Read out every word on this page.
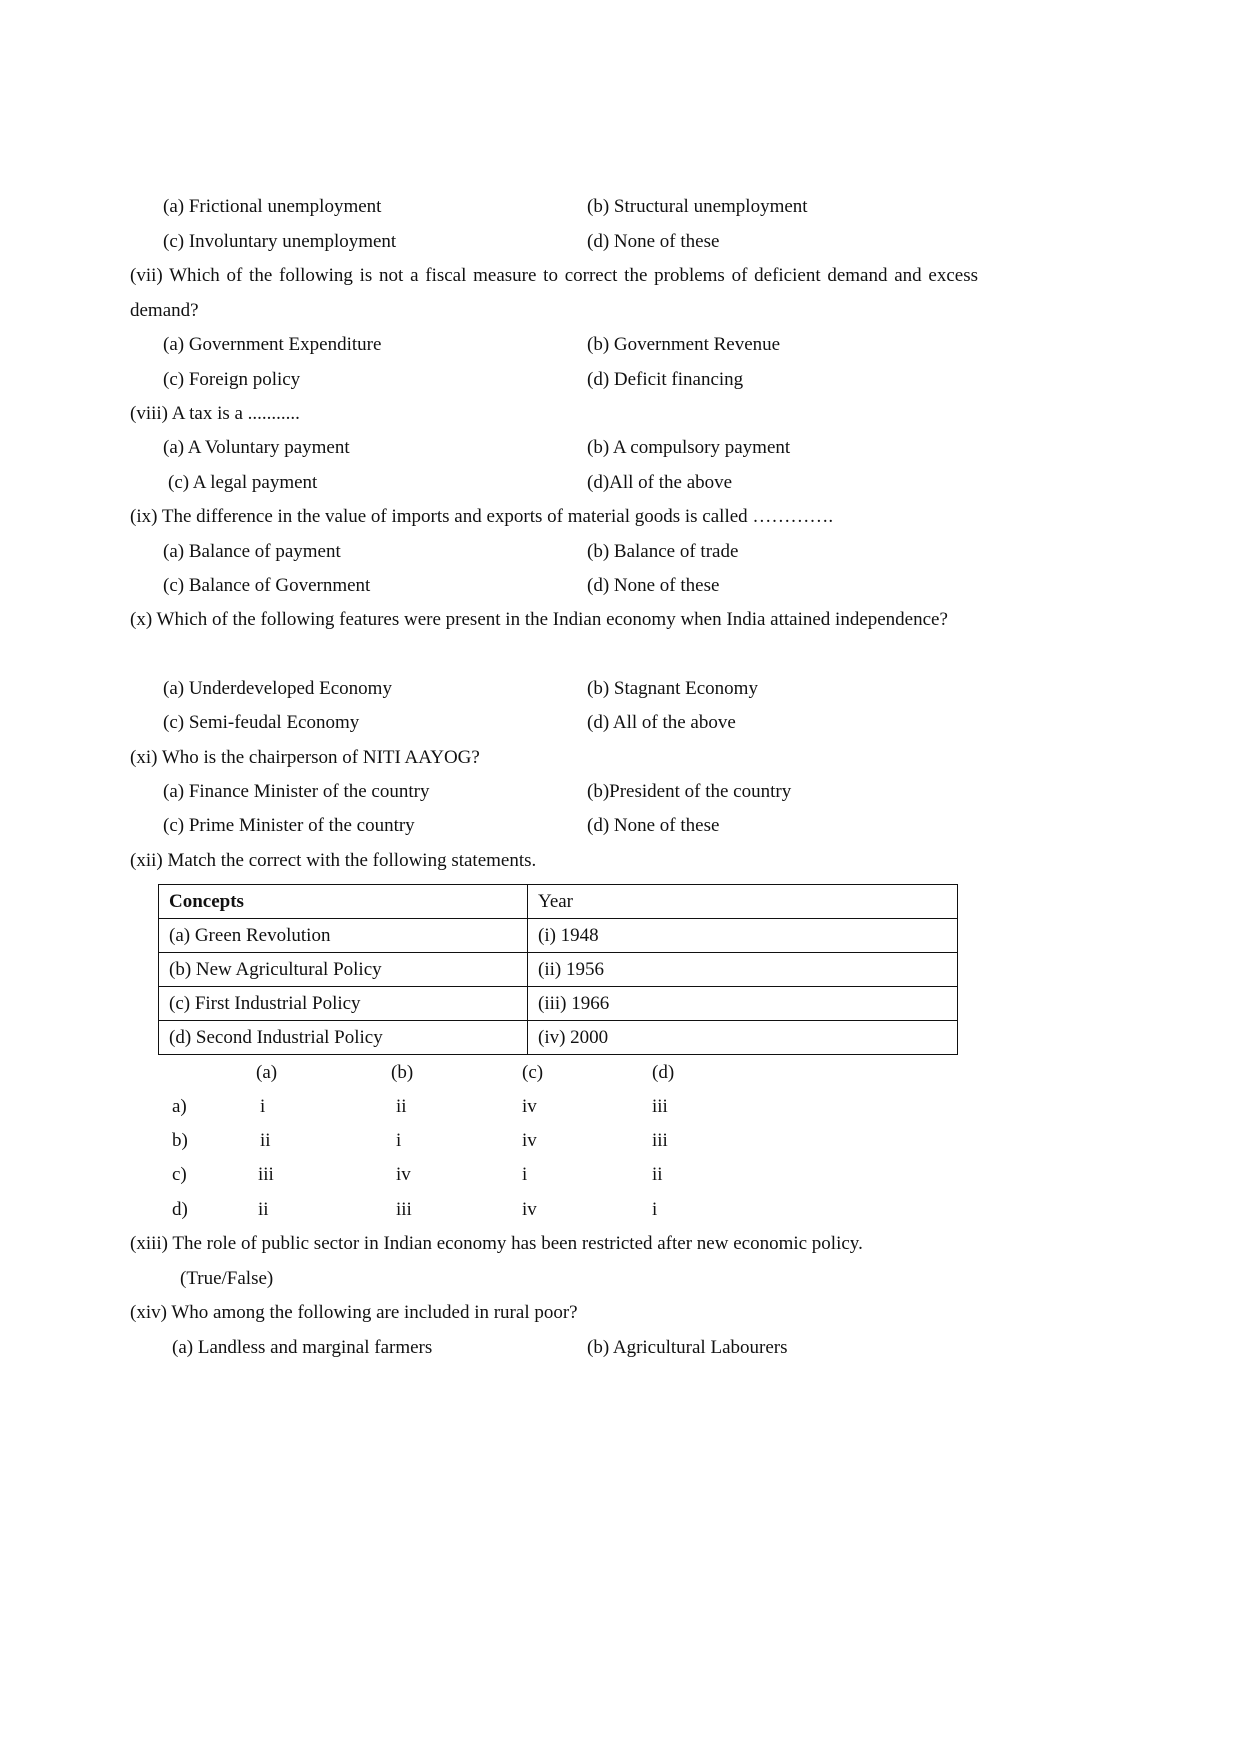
(a) Frictional unemployment	(b) Structural unemployment
(c) Involuntary unemployment	(d) None of these
(vii) Which of the following is not a fiscal measure to correct the problems of deficient demand and excess demand?
(a) Government Expenditure	(b) Government Revenue
(c) Foreign policy	(d) Deficit financing
(viii) A tax is a ...........
(a) A Voluntary payment	(b) A compulsory payment
(c) A legal payment	(d)All of the above
(ix) The difference in the value of imports and exports of material goods is called ………….
(a) Balance of payment	(b) Balance of trade
(c) Balance of Government	(d) None of these
(x) Which of the following features were present in the Indian economy when India attained independence?
(a) Underdeveloped Economy	(b) Stagnant Economy
(c) Semi-feudal Economy	(d) All of the above
(xi) Who is the chairperson of NITI AAYOG?
(a) Finance Minister of the country	(b)President of the country
(c) Prime Minister of the country	(d) None of these
(xii) Match the correct with the following statements.
Concepts	Year
(a) Green Revolution	(i) 1948
(b) New Agricultural Policy	(ii) 1956
(c) First Industrial Policy	(iii) 1966
(d) Second Industrial Policy	(iv) 2000
(a)	(b)	(c)	(d)
a)	i	ii	iv	iii
b)	ii	i	iv	iii
c)	iii	iv	i	ii
d)	ii	iii	iv	i
(xiii) The role of public sector in Indian economy has been restricted after new economic policy.
(True/False)
(xiv) Who among the following are included in rural poor?
(a) Landless and marginal farmers	(b) Agricultural Labourers
